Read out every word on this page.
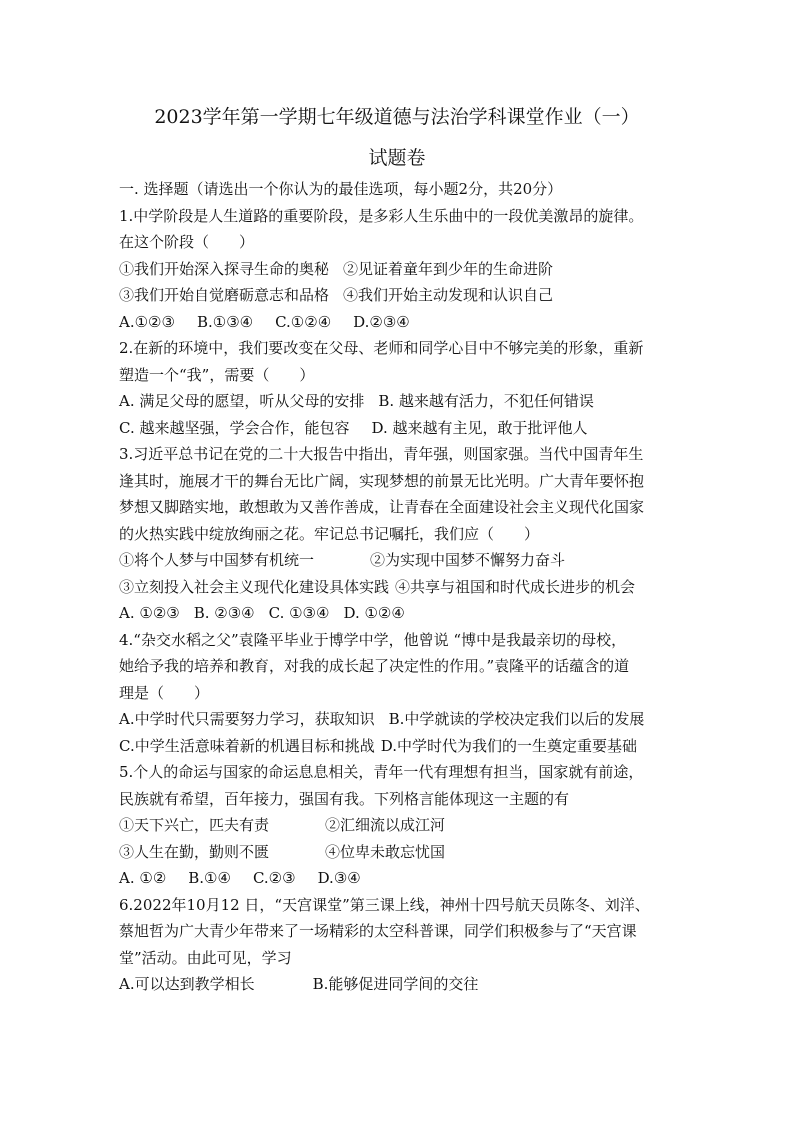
2023学年第一学期七年级道德与法治学科课堂作业（一）
试题卷
一. 选择题（请选出一个你认为的最佳选项，每小题2分，共20分）
1.中学阶段是人生道路的重要阶段，是多彩人生乐曲中的一段优美激昂的旋律。
在这个阶段（　　）
①我们开始深入探寻生命的奥秘 ②见证着童年到少年的生命进阶
③我们开始自觉磨砺意志和品格 ④我们开始主动发现和认识自己
A.①②③ B.①③④ C.①②④ D.②③④
2.在新的环境中，我们要改变在父母、老师和同学心目中不够完美的形象，重新
塑造一个“我”，需要（　　）
A. 满足父母的愿望，听从父母的安排 B. 越来越有活力，不犯任何错误
C. 越来越坚强，学会合作，能包容 D. 越来越有主见，敢于批评他人
3.习近平总书记在党的二十大报告中指出，青年强，则国家强。当代中国青年生
逢其时，施展才干的舞台无比广阔，实现梦想的前景无比光明。广大青年要怀抱
梦想又脚踏实地，敢想敢为又善作善成，让青春在全面建设社会主义现代化国家
的火热实践中绽放绚丽之花。牢记总书记嘱托，我们应（　　）
①将个人梦与中国梦有机统一	②为实现中国梦不懈努力奋斗
③立刻投入社会主义现代化建设具体实践 ④共享与祖国和时代成长进步的机会
A. ①②③ B. ②③④ C. ①③④ D. ①②④
4.“杂交水稻之父”袁隆平毕业于博学中学，他曾说 “博中是我最亲切的母校，
她给予我的培养和教育，对我的成长起了决定性的作用。”袁隆平的话蕴含的道
理是（　　）
A.中学时代只需要努力学习，获取知识 B.中学就读的学校决定我们以后的发展
C.中学生活意味着新的机遇目标和挑战 D.中学时代为我们的一生奠定重要基础
5.个人的命运与国家的命运息息相关，青年一代有理想有担当，国家就有前途，
民族就有希望，百年接力，强国有我。下列格言能体现这一主题的有
①天下兴亡，匹夫有责	②汇细流以成江河
③人生在勤，勤则不匮	④位卑未敢忘忧国
A. ①② B.①④ C.②③ D.③④
6.2022年10月12 日，“天宫课堂”第三课上线，神州十四号航天员陈冬、刘洋、
蔡旭哲为广大青少年带来了一场精彩的太空科普课，同学们积极参与了“天宫课
堂”活动。由此可见，学习
A.可以达到教学相长	B.能够促进同学间的交往
